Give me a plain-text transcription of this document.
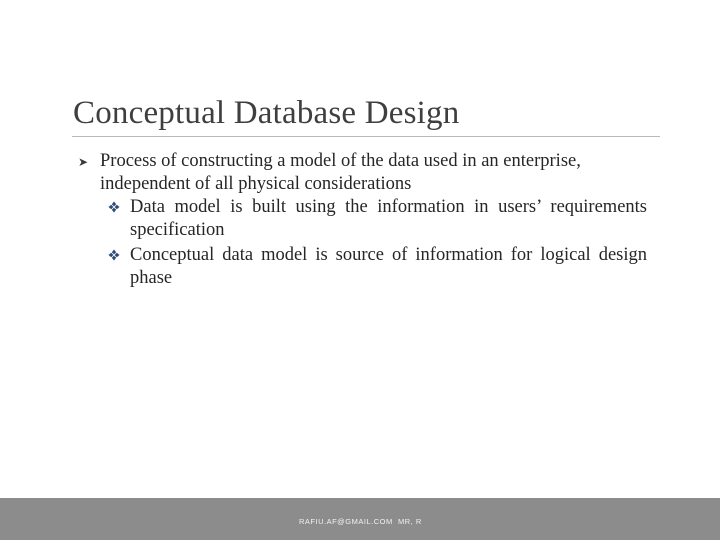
Conceptual Database Design
➤ Process of constructing a model of the data used in an enterprise, independent of all physical considerations
Data model is built using the information in users’ requirements specification
Conceptual data model is source of information for logical design phase
RAFIU.AF@GMAIL.COM MR, R
